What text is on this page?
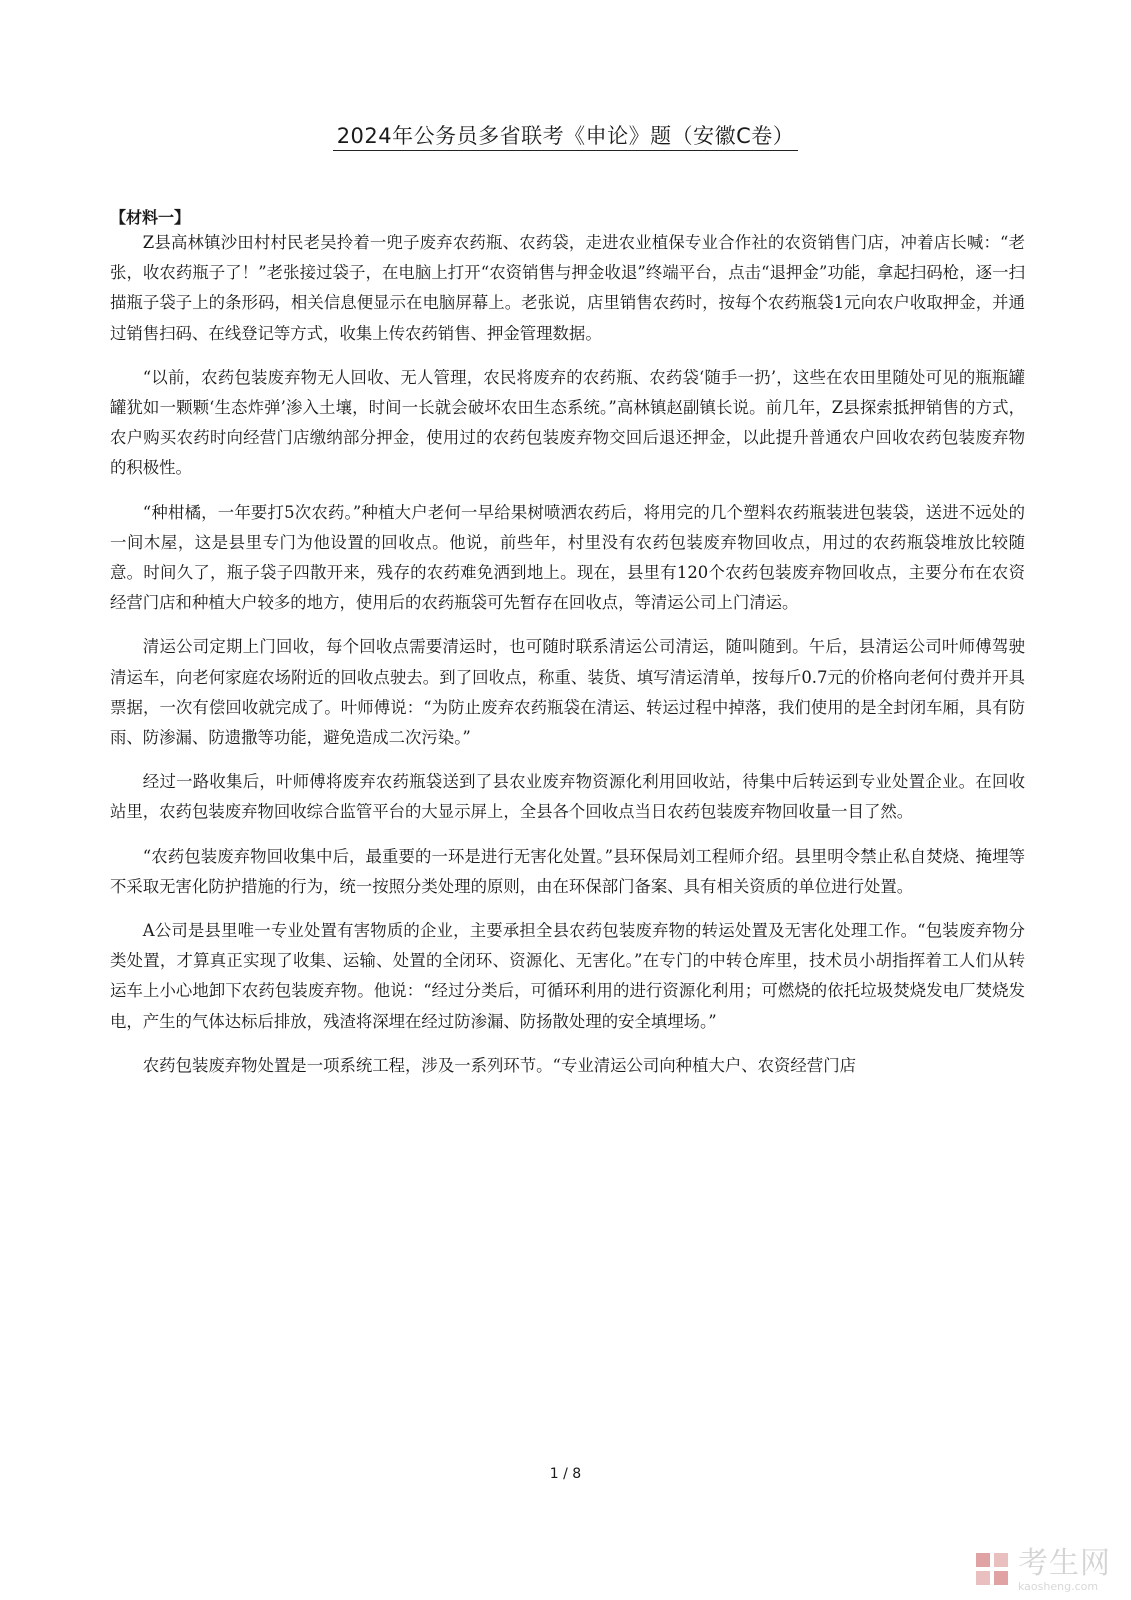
2024年公务员多省联考《申论》题（安徽C卷）
【材料一】

Z县高林镇沙田村村民老吴拎着一兜子废弃农药瓶、农药袋，走进农业植保专业合作社的农资销售门店，冲着店长喊：“老张，收农药瓶子了！”老张接过袋子，在电脑上打开“农资销售与押金收退”终端平台，点击“退押金”功能，拿起扫码枪，逐一扫描瓶子袋子上的条形码，相关信息便显示在电脑屏幕上。老张说，店里销售农药时，按每个农药瓶袋1元向农户收取押金，并通过销售扫码、在线登记等方式，收集上传农药销售、押金管理数据。

“以前，农药包装废弃物无人回收、无人管理，农民将废弃的农药瓶、农药袋‘随手一扔’，这些在农田里随处可见的瓶瓶罐罐犹如一颗颗‘生态炸弹’渗入土壤，时间一长就会破坏农田生态系统。”高林镇赵副镇长说。前几年，Z县探索抵押销售的方式，农户购买农药时向经营门店缴纳部分押金，使用过的农药包装废弃物交回后退还押金，以此提升普通农户回收农药包装废弃物的积极性。

“种柑橘，一年要打5次农药。”种植大户老何一早给果树喷洒农药后，将用完的几个塑料农药瓶装进包装袋，送进不远处的一间木屋，这是县里专门为他设置的回收点。他说，前些年，村里没有农药包装废弃物回收点，用过的农药瓶袋堆放比较随意。时间久了，瓶子袋子四散开来，残存的农药难免洒到地上。现在，县里有120个农药包装废弃物回收点，主要分布在农资经营门店和种植大户较多的地方，使用后的农药瓶袋可先暂存在回收点，等清运公司上门清运。

清运公司定期上门回收，每个回收点需要清运时，也可随时联系清运公司清运，随叫随到。午后，县清运公司叶师傅驾驶清运车，向老何家庭农场附近的回收点驶去。到了回收点，称重、装货、填写清运清单，按每斤0.7元的价格向老何付费并开具票据，一次有偿回收就完成了。叶师傅说：“为防止废弃农药瓶袋在清运、转运过程中掉落，我们使用的是全封闭车厢，具有防雨、防渗漏、防遗撒等功能，避免造成二次污染。”

经过一路收集后，叶师傅将废弃农药瓶袋送到了县农业废弃物资源化利用回收站，待集中后转运到专业处置企业。在回收站里，农药包装废弃物回收综合监管平台的大显示屏上，全县各个回收点当日农药包装废弃物回收量一目了然。

“农药包装废弃物回收集中后，最重要的一环是进行无害化处置。”县环保局刘工程师介绍。县里明令禁止私自焚烧、掩埋等不采取无害化防护措施的行为，统一按照分类处理的原则，由在环保部门备案、具有相关资质的单位进行处置。

A公司是县里唯一专业处置有害物质的企业，主要承担全县农药包装废弃物的转运处置及无害化处理工作。“包装废弃物分类处置，才算真正实现了收集、运输、处置的全闭环、资源化、无害化。”在专门的中转仓库里，技术员小胡指挥着工人们从转运车上小心地卸下农药包装废弃物。他说：“经过分类后，可循环利用的进行资源化利用；可燃烧的依托垃圾焚烧发电厂焚烧发电，产生的气体达标后排放，残渣将深埋在经过防渗漏、防扬散处理的安全填埋场。”

农药包装废弃物处置是一项系统工程，涉及一系列环节。“专业清运公司向种植大户、农资经营门店

1 / 8
考生网
kaosheng.com
